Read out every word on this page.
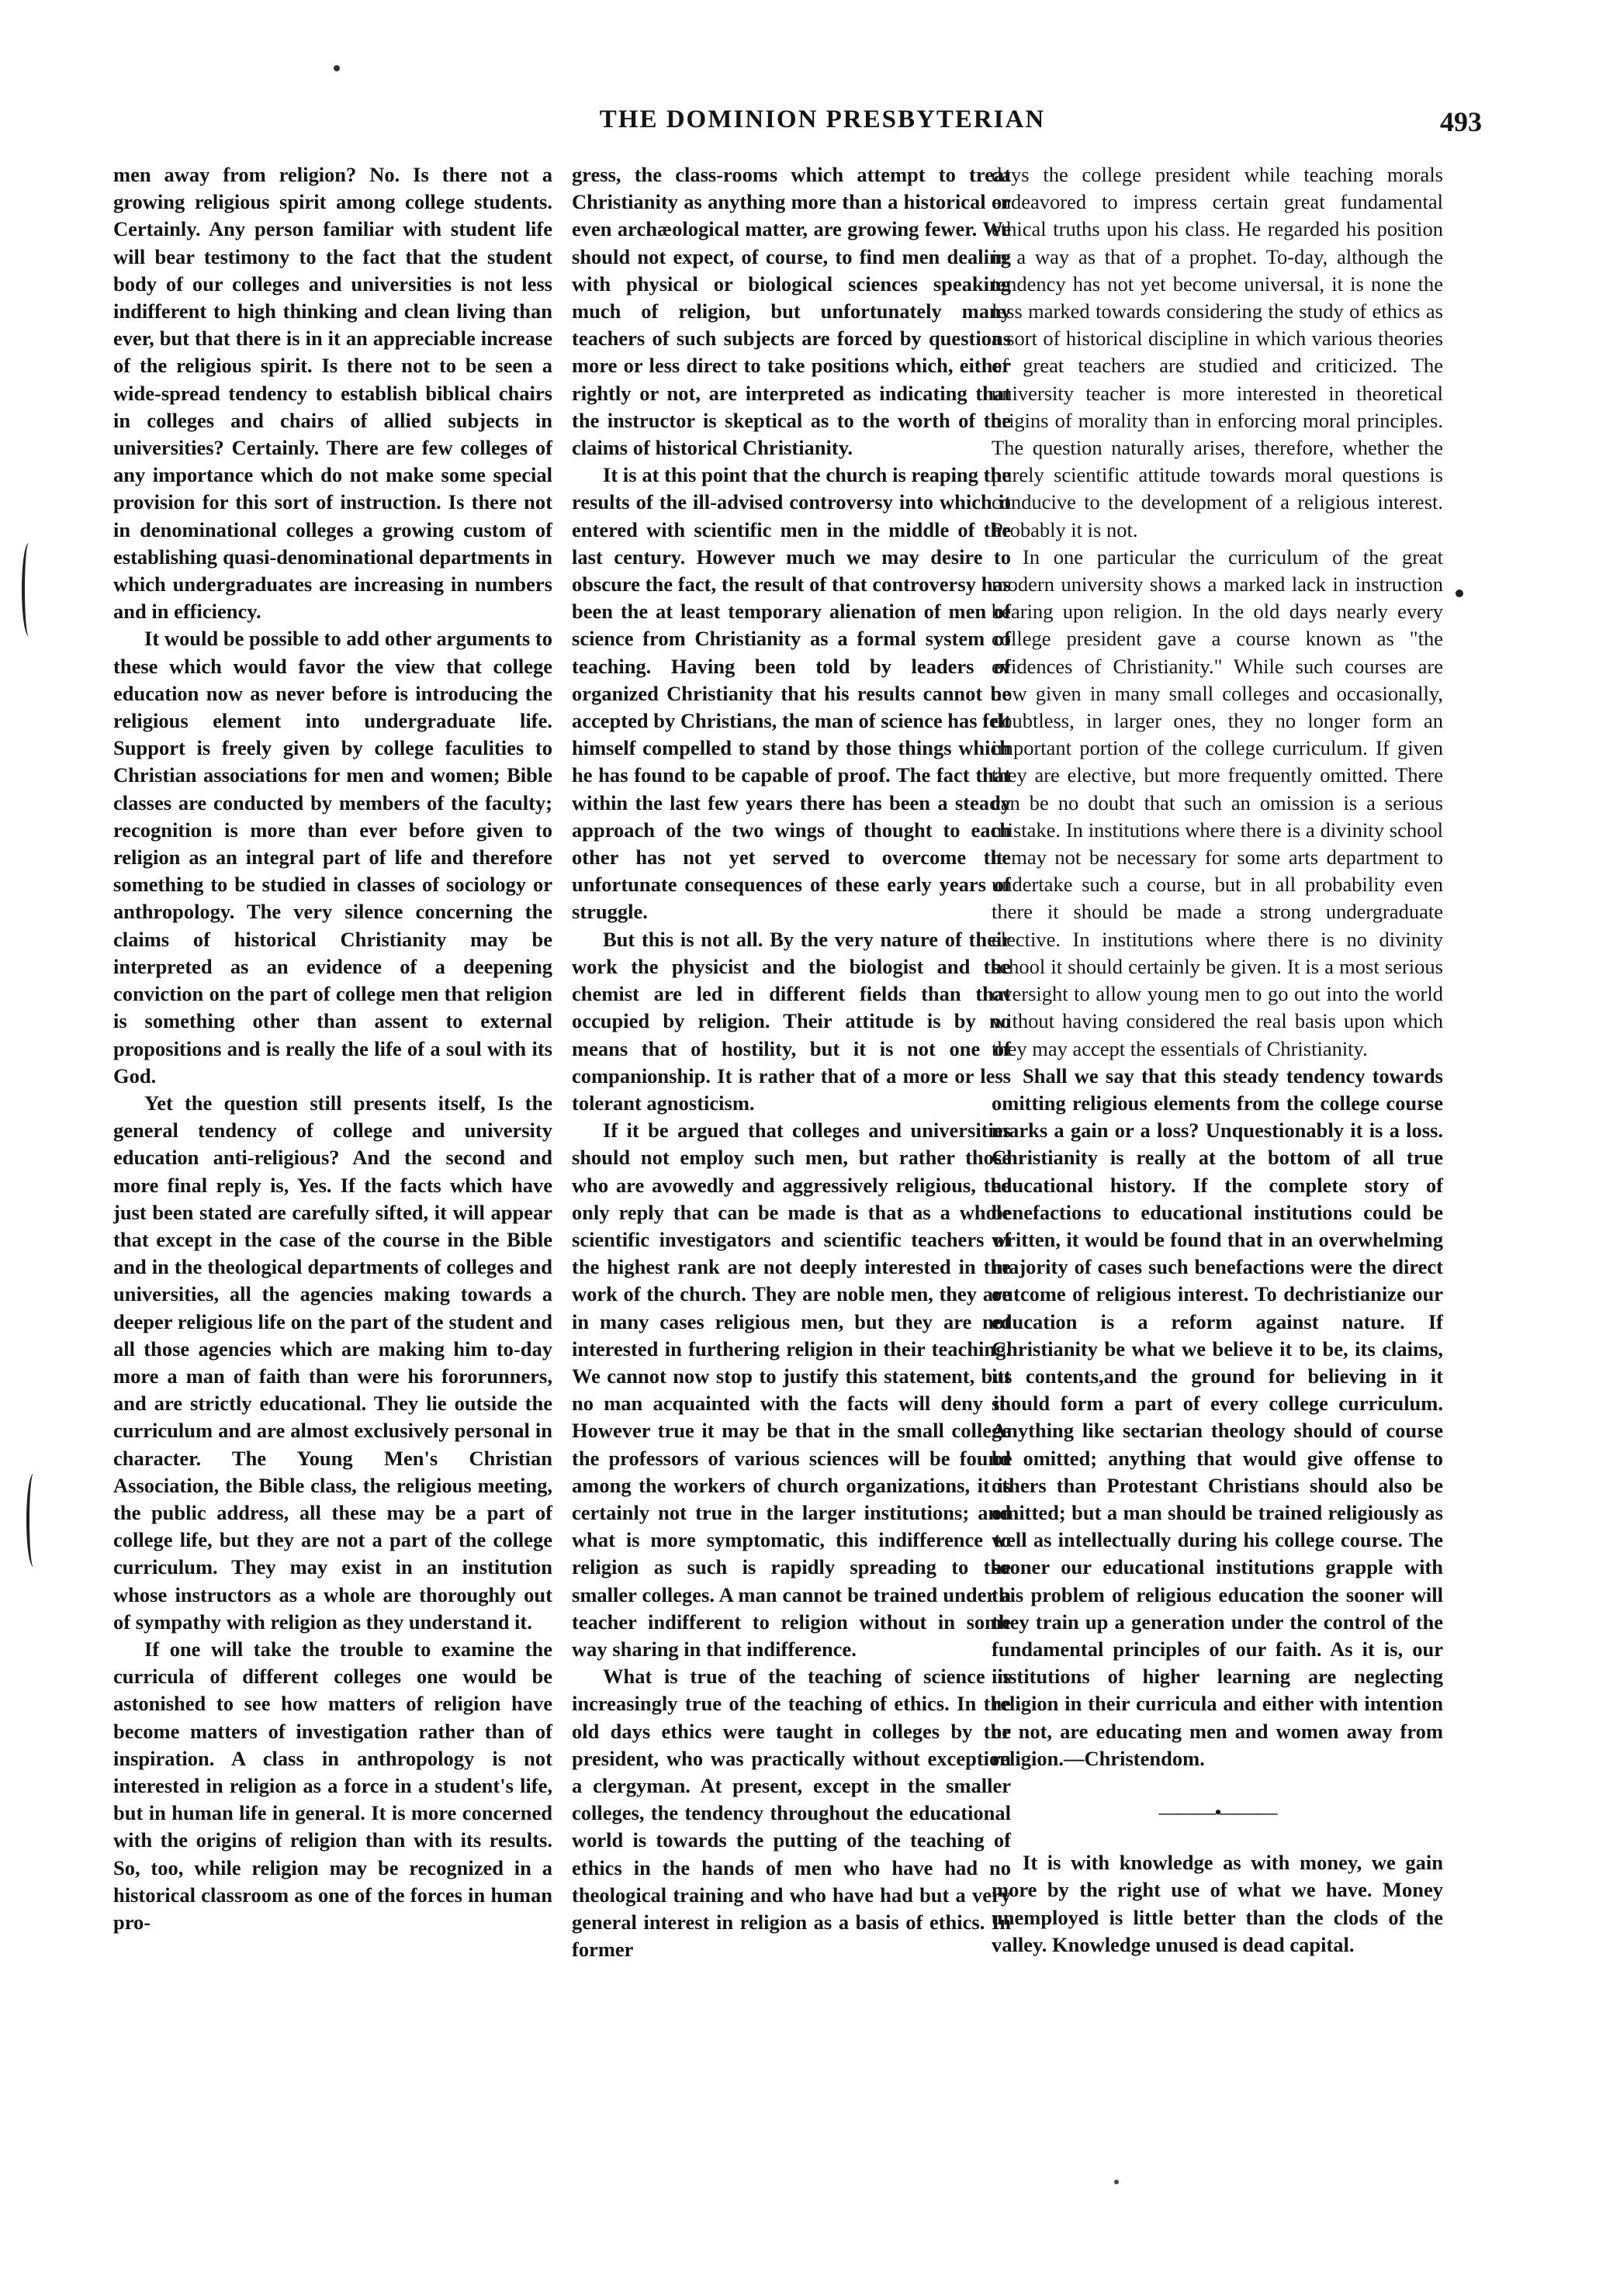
THE DOMINION PRESBYTERIAN	493

men away from religion? No. Is there not a growing religious spirit among college students. Certainly. Any person familiar with student life will bear testimony to the fact that the student body of our colleges and universities is not less indifferent to high thinking and clean living than ever, but that there is in it an appreciable increase of the religious spirit. Is there not to be seen a wide-spread tendency to establish biblical chairs in colleges and chairs of allied subjects in universities? Certainly. There are few colleges of any importance which do not make some special provision for this sort of instruction. Is there not in denominational colleges a growing custom of establishing quasi-denominational departments in which undergraduates are increasing in numbers and in efficiency.

It would be possible to add other arguments to these which would favor the view that college education now as never before is introducing the religious element into undergraduate life. Support is freely given by college faculities to Christian associations for men and women; Bible classes are conducted by members of the faculty; recognition is more than ever before given to religion as an integral part of life and therefore something to be studied in classes of sociology or anthropology. The very silence concerning the claims of historical Christianity may be interpreted as an evidence of a deepening conviction on the part of college men that religion is something other than assent to external propositions and is really the life of a soul with its God.

Yet the question still presents itself, Is the general tendency of college and university education anti-religious? And the second and more final reply is, Yes. If the facts which have just been stated are carefully sifted, it will appear that except in the case of the course in the Bible and in the theological departments of colleges and universities, all the agencies making towards a deeper religious life on the part of the student and all those agencies which are making him to-day more a man of faith than were his fororunners, and are strictly educational. They lie outside the curriculum and are almost exclusively personal in character. The Young Men's Christian Association, the Bible class, the religious meeting, the public address, all these may be a part of college life, but they are not a part of the college curriculum. They may exist in an institution whose instructors as a whole are thoroughly out of sympathy with religion as they understand it.

If one will take the trouble to examine the curricula of different colleges one would be astonished to see how matters of religion have become matters of investigation rather than of inspiration. A class in anthropology is not interested in religion as a force in a student's life, but in human life in general. It is more concerned with the origins of religion than with its results. So, too, while religion may be recognized in a historical classroom as one of the forces in human pro-

gress, the class-rooms which attempt to treat Christianity as anything more than a historical or even archæological matter, are growing fewer. We should not expect, of course, to find men dealing with physical or biological sciences speaking much of religion, but unfortunately many teachers of such subjects are forced by questions more or less direct to take positions which, either rightly or not, are interpreted as indicating that the instructor is skeptical as to the worth of the claims of historical Christianity.

It is at this point that the church is reaping the results of the ill-advised controversy into which it entered with scientific men in the middle of the last century. However much we may desire to obscure the fact, the result of that controversy has been the at least temporary alienation of men of science from Christianity as a formal system of teaching. Having been told by leaders of organized Christianity that his results cannot be accepted by Christians, the man of science has felt himself compelled to stand by those things which he has found to be capable of proof. The fact that within the last few years there has been a steady approach of the two wings of thought to each other has not yet served to overcome the unfortunate consequences of these early years of struggle.

But this is not all. By the very nature of their work the physicist and the biologist and the chemist are led in different fields than that occupied by religion. Their attitude is by no means that of hostility, but it is not one of companionship. It is rather that of a more or less tolerant agnosticism.

If it be argued that colleges and universities should not employ such men, but rather those who are avowedly and aggressively religious, the only reply that can be made is that as a whole scientific investigators and scientific teachers of the highest rank are not deeply interested in the work of the church. They are noble men, they are in many cases religious men, but they are not interested in furthering religion in their teaching. We cannot now stop to justify this statement, but no man acquainted with the facts will deny it. However true it may be that in the small college the professors of various sciences will be found among the workers of church organizations, it is certainly not true in the larger institutions; and what is more symptomatic, this indifference to religion as such is rapidly spreading to the smaller colleges. A man cannot be trained under a teacher indifferent to religion without in some way sharing in that indifference.

What is true of the teaching of science is increasingly true of the teaching of ethics. In the old days ethics were taught in colleges by the president, who was practically without exception a clergyman. At present, except in the smaller colleges, the tendency throughout the educational world is towards the putting of the teaching of ethics in the hands of men who have had no theological training and who have had but a very general interest in religion as a basis of ethics. In former

days the college president while teaching morals endeavored to impress certain great fundamental ethical truths upon his class. He regarded his position in a way as that of a prophet. To-day, although the tendency has not yet become universal, it is none the less marked towards considering the study of ethics as a sort of historical discipline in which various theories of great teachers are studied and criticized. The university teacher is more interested in theoretical origins of morality than in enforcing moral principles. The question naturally arises, therefore, whether the purely scientific attitude towards moral questions is conducive to the development of a religious interest. Probably it is not.

In one particular the curriculum of the great modern university shows a marked lack in instruction bearing upon religion. In the old days nearly every college president gave a course known as "the evidences of Christianity." While such courses are now given in many small colleges and occasionally, doubtless, in larger ones, they no longer form an important portion of the college curriculum. If given they are elective, but more frequently omitted. There can be no doubt that such an omission is a serious mistake. In institutions where there is a divinity school it may not be necessary for some arts department to undertake such a course, but in all probability even there it should be made a strong undergraduate elective. In institutions where there is no divinity school it should certainly be given. It is a most serious oversight to allow young men to go out into the world without having considered the real basis upon which they may accept the essentials of Christianity.

Shall we say that this steady tendency towards omitting religious elements from the college course marks a gain or a loss? Unquestionably it is a loss. Christianity is really at the bottom of all true educational history. If the complete story of benefactions to educational institutions could be written, it would be found that in an overwhelming majority of cases such benefactions were the direct outcome of religious interest. To dechristianize our education is a reform against nature. If Christianity be what we believe it to be, its claims, its contents,and the ground for believing in it should form a part of every college curriculum. Anything like sectarian theology should of course be omitted; anything that would give offense to others than Protestant Christians should also be omitted; but a man should be trained religiously as well as intellectually during his college course. The sooner our educational institutions grapple with this problem of religious education the sooner will they train up a generation under the control of the fundamental principles of our faith. As it is, our institutions of higher learning are neglecting religion in their curricula and either with intention or not, are educating men and women away from religion.—Christendom.

———•———

It is with knowledge as with money, we gain more by the right use of what we have. Money unemployed is little better than the clods of the valley. Knowledge unused is dead capital.
